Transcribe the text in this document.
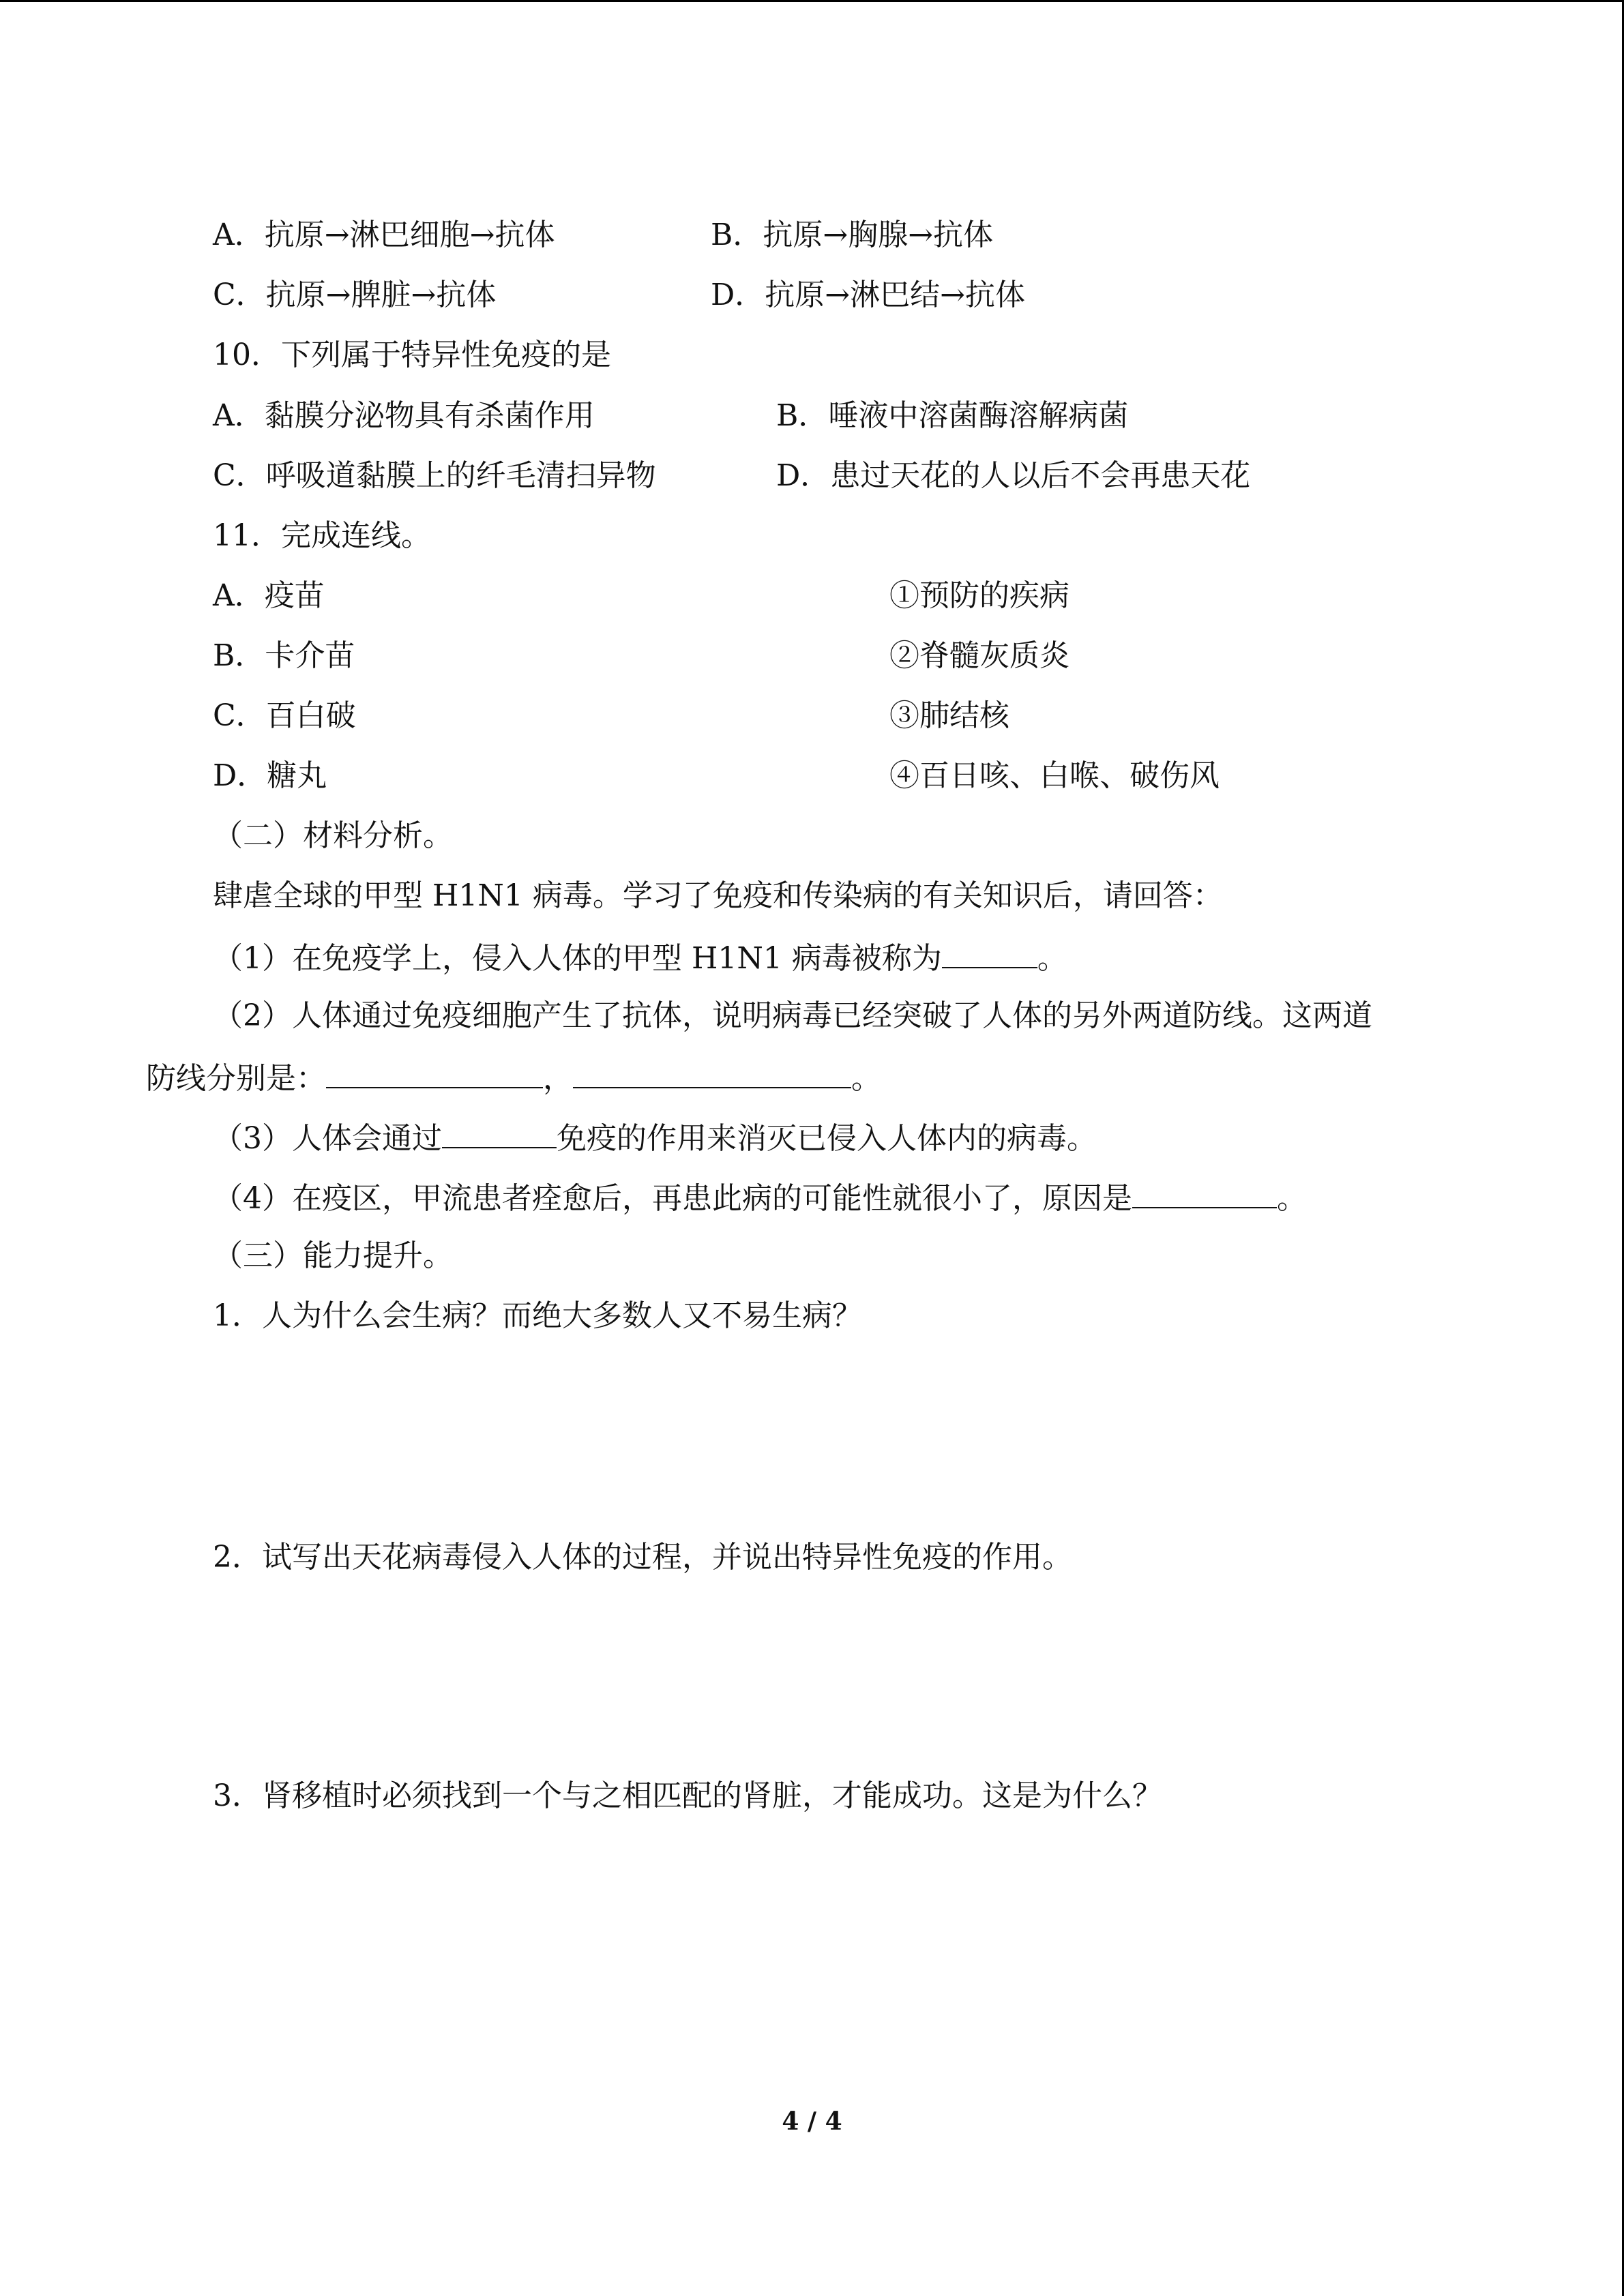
A．抗原→淋巴细胞→抗体	B．抗原→胸腺→抗体
C．抗原→脾脏→抗体	D．抗原→淋巴结→抗体
10．下列属于特异性免疫的是
A．黏膜分泌物具有杀菌作用	B．唾液中溶菌酶溶解病菌
C．呼吸道黏膜上的纤毛清扫异物	D．患过天花的人以后不会再患天花
11．完成连线。
A．疫苗	①预防的疾病
B．卡介苗	②脊髓灰质炎
C．百白破	③肺结核
D．糖丸	④百日咳、白喉、破伤风
（二）材料分析。
肆虐全球的甲型 H1N1 病毒。学习了免疫和传染病的有关知识后，请回答：
（1）在免疫学上，侵入人体的甲型 H1N1 病毒被称为	。
（2）人体通过免疫细胞产生了抗体，说明病毒已经突破了人体的另外两道防线。这两道
防线分别是：	，	。
（3）人体会通过	免疫的作用来消灭已侵入人体内的病毒。
（4）在疫区，甲流患者痊愈后，再患此病的可能性就很小了，原因是	。
（三）能力提升。
1．人为什么会生病？而绝大多数人又不易生病？
2．试写出天花病毒侵入人体的过程，并说出特异性免疫的作用。
3．肾移植时必须找到一个与之相匹配的肾脏，才能成功。这是为什么？
4 / 4
